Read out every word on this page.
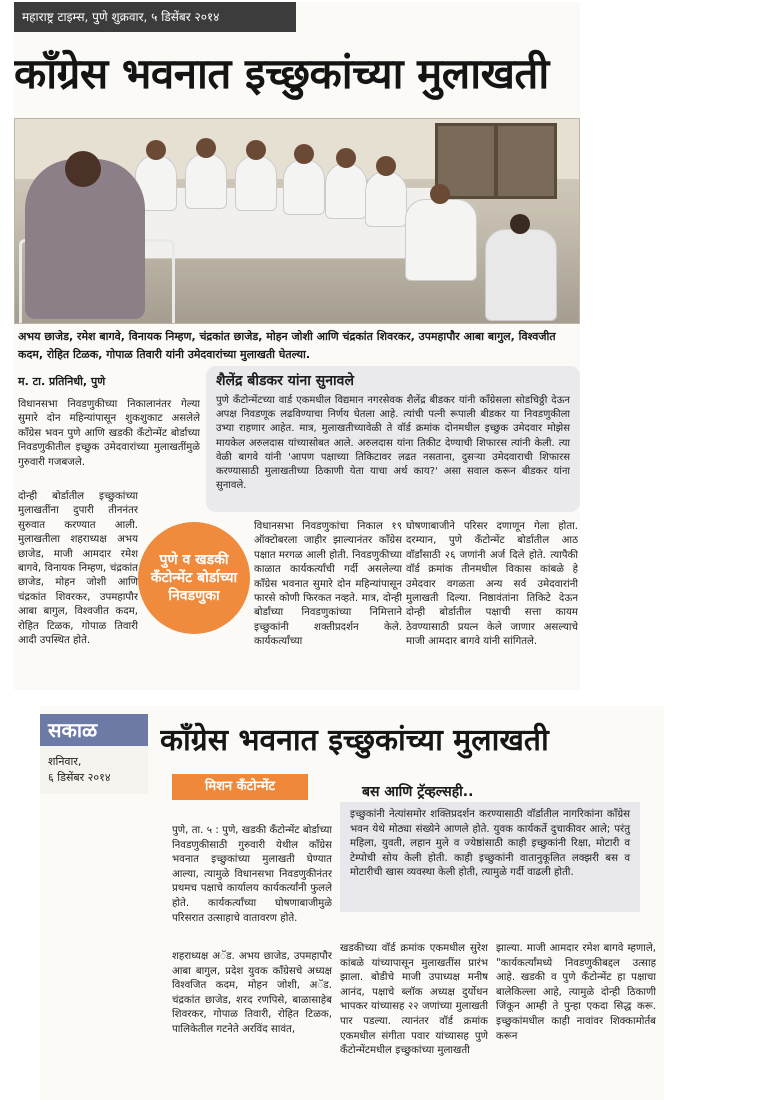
महाराष्ट्र टाइम्स, पुणे शुक्रवार, ५ डिसेंबर २०१४
काँग्रेस भवनात इच्छुकांच्या मुलाखती
अभय छाजेड, रमेश बागवे, विनायक निम्हण, चंद्रकांत छाजेड, मोहन जोशी आणि चंद्रकांत शिवरकर, उपमहापौर आबा बागुल, विश्वजीत कदम, रोहित टिळक, गोपाळ तिवारी यांनी उमेदवारांच्या मुलाखती घेतल्या.
म. टा. प्रतिनिधी, पुणे
विधानसभा निवडणुकीच्या निकालानंतर गेल्या सुमारे दोन महिन्यांपासून शुकशुकाट असलेले काँग्रेस भवन पुणे आणि खडकी कँटोन्मेंट बोर्डाच्या निवडणुकीतील इच्छुक उमेदवारांच्या मुलाखतींमुळे गुरुवारी गजबजले.
दोन्ही बोर्डातील इच्छुकांच्या मुलाखतींना दुपारी तीननंतर सुरुवात करण्यात आली. मुलाखतीला शहराध्यक्ष अभय छाजेड, माजी आमदार रमेश बागवे, विनायक निम्हण, चंद्रकांत छाजेड, मोहन जोशी आणि चंद्रकांत शिवरकर, उपमहापौर आबा बागुल, विश्वजीत कदम, रोहित टिळक, गोपाळ तिवारी आदी उपस्थित होते.
शैलेंद्र बीडकर यांना सुनावले
पुणे कँटोन्मेंटच्या वार्ड एकमधील विद्यमान नगरसेवक शैलेंद्र बीडकर यांनी काँग्रेसला सोडचिठ्ठी देऊन अपक्ष निवडणूक लढविण्याचा निर्णय घेतला आहे. त्यांची पत्नी रूपाली बीडकर या निवडणुकीला उभ्या राहणार आहेत. मात्र, मुलाखतीच्यावेळी ते वॉर्ड क्रमांक दोनमधील इच्छुक उमेदवार मोझेस मायकेल अरुलदास यांच्यासोबत आले. अरुलदास यांना तिकीट देण्याची शिफारस त्यांनी केली. त्या वेळी बागवे यांनी 'आपण पक्षाच्या तिकिटावर लढत नसताना, दुसऱ्या उमेदवाराची शिफारस करण्यासाठी मुलाखतीच्या ठिकाणी येता याचा अर्थ काय?' असा सवाल करून बीडकर यांना सुनावले.
पुणे व खडकी कँटोन्मेंट बोर्डाच्या निवडणुका
विधानसभा निवडणुकांचा निकाल १९ ऑक्टोबरला जाहीर झाल्यानंतर काँग्रेस पक्षात मरगळ आली होती. निवडणुकीच्या काळात कार्यकर्त्यांची गर्दी असलेल्या काँग्रेस भवनात सुमारे दोन महिन्यांपासून फारसे कोणी फिरकत नव्हते. मात्र, दोन्ही बोर्डांच्या निवडणुकांच्या निमित्ताने इच्छुकांनी शक्तीप्रदर्शन केले. कार्यकर्त्यांच्या
घोषणाबाजीने परिसर दणाणून गेला होता. दरम्यान, पुणे कँटोन्मेंट बोर्डातील आठ वॉर्डांसाठी २६ जणांनी अर्ज दिले होते. त्यापैकी वॉर्ड क्रमांक तीनमधील विकास कांबळे हे उमेदवार वगळता अन्य सर्व उमेदवारांनी मुलाखती दिल्या. निष्ठावंतांना तिकिटे देऊन दोन्ही बोर्डातील पक्षाची सत्ता कायम ठेवण्यासाठी प्रयत्न केले जाणार असल्याचे माजी आमदार बागवे यांनी सांगितले.
सकाळ
शनिवार,
६ डिसेंबर २०१४
काँग्रेस भवनात इच्छुकांच्या मुलाखती
मिशन कँटोन्मेंट	बस आणि ट्रॅव्हल्सही..
इच्छुकांनी नेत्यांसमोर शक्तिप्रदर्शन करण्यासाठी वॉर्डातील नागरिकांना काँग्रेस भवन येथे मोठ्या संख्येने आणले होते. युवक कार्यकर्ते दुचाकीवर आले; परंतु महिला, युवती, लहान मुले व ज्येष्ठांसाठी काही इच्छुकांनी रिक्षा, मोटारी व टेम्पोची सोय केली होती. काही इच्छुकांनी वातानुकूलित लक्झरी बस व मोटारीची खास व्यवस्था केली होती, त्यामुळे गर्दी वाढली होती.
पुणे, ता. ५ : पुणे, खडकी कँटोन्मेंट बोर्डाच्या निवडणुकीसाठी गुरुवारी येथील काँग्रेस भवनात इच्छुकांच्या मुलाखती घेण्यात आल्या, त्यामुळे विधानसभा निवडणुकीनंतर प्रथमच पक्षाचे कार्यालय कार्यकर्त्यांनी फुलले होते. कार्यकर्त्यांच्या घोषणाबाजीमुळे परिसरात उत्साहाचे वातावरण होते.
शहराध्यक्ष अॅड. अभय छाजेड, उपमहापौर आबा बागुल, प्रदेश युवक काँग्रेसचे अध्यक्ष विश्वजित कदम, मोहन जोशी, अॅड. चंद्रकांत छाजेड, शरद रणपिसे, बाळासाहेब शिवरकर, गोपाळ तिवारी, रोहित टिळक, पालिकेतील गटनेते अरविंद सावंत,
खडकीच्या वॉर्ड क्रमांक एकमधील सुरेश कांबळे यांच्यापासून मुलाखतींस प्रारंभ झाला. बोडीचे माजी उपाध्यक्ष मनीष आनंद, पक्षाचे ब्लॉक अध्यक्ष दुर्योधन भापकर यांच्यासह २२ जणांच्या मुलाखती पार पडल्या. त्यानंतर वॉर्ड क्रमांक एकमधील संगीता पवार यांच्यासह पुणे कँटोन्मेंटमधील इच्छुकांच्या मुलाखती
झाल्या. माजी आमदार रमेश बागवे म्हणाले, "कार्यकर्त्यांमध्ये निवडणुकीबद्दल उत्साह आहे. खडकी व पुणे कँटोन्मेंट हा पक्षाचा बालेकिल्ला आहे, त्यामुळे दोन्ही ठिकाणी जिंकून आम्ही ते पुन्हा एकदा सिद्ध करू. इच्छुकांमधील काही नावांवर शिक्कामोर्तब करून
